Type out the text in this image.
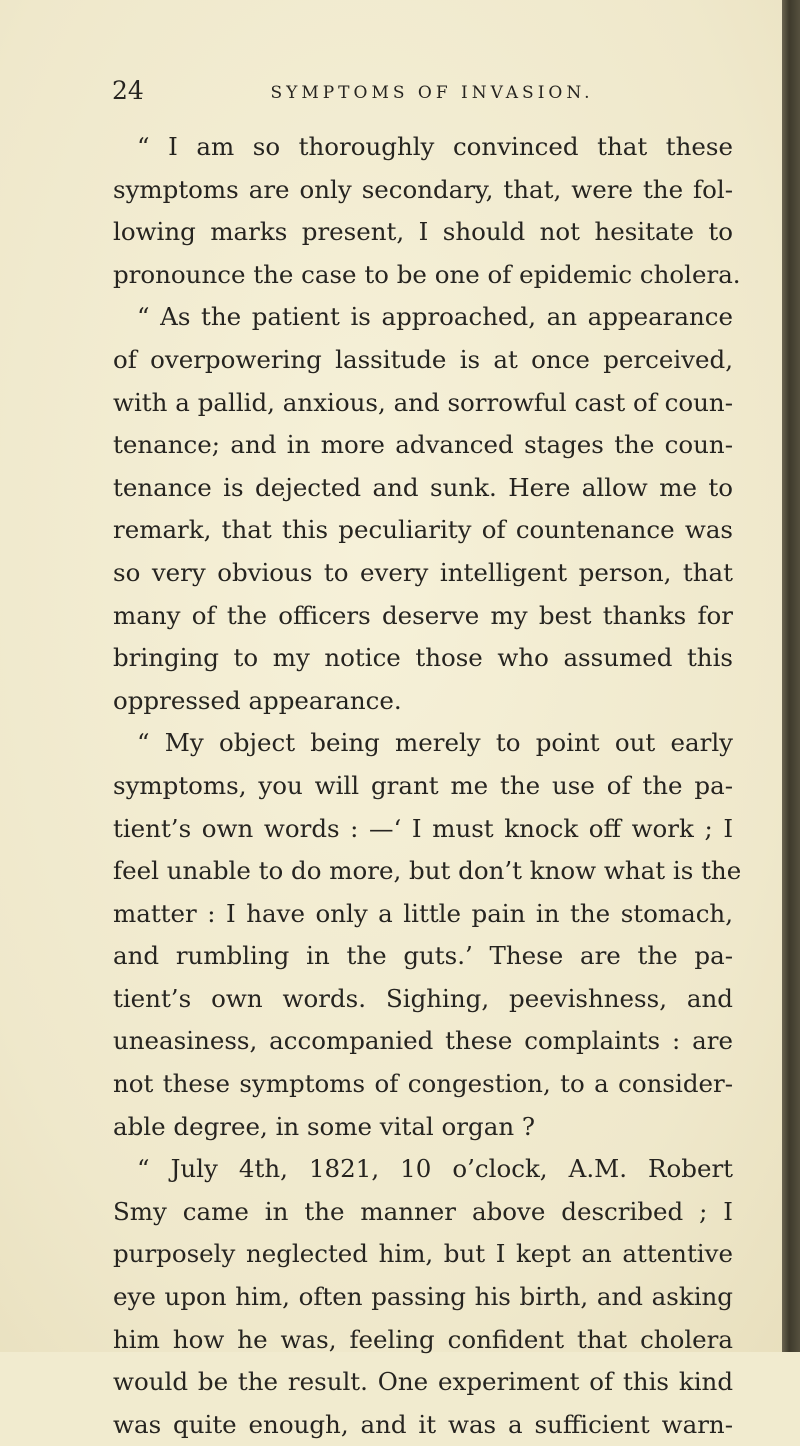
24	SYMPTOMS OF INVASION.
“ I am so thoroughly convinced that these
symptoms are only secondary, that, were the fol-
lowing marks present, I should not hesitate to
pronounce the case to be one of epidemic cholera.
“ As the patient is approached, an appearance
of overpowering lassitude is at once perceived,
with a pallid, anxious, and sorrowful cast of coun-
tenance; and in more advanced stages the coun-
tenance is dejected and sunk. Here allow me to
remark, that this peculiarity of countenance was
so very obvious to every intelligent person, that
many of the officers deserve my best thanks for
bringing to my notice those who assumed this
oppressed appearance.
“ My object being merely to point out early
symptoms, you will grant me the use of the pa-
tient’s own words : —‘ I must knock off work ; I
feel unable to do more, but don’t know what is the
matter : I have only a little pain in the stomach,
and rumbling in the guts.’ These are the pa-
tient’s own words. Sighing, peevishness, and
uneasiness, accompanied these complaints : are
not these symptoms of congestion, to a consider-
able degree, in some vital organ ?
“ July 4th, 1821, 10 o’clock, A.M. Robert
Smy came in the manner above described ; I
purposely neglected him, but I kept an attentive
eye upon him, often passing his birth, and asking
him how he was, feeling confident that cholera
would be the result. One experiment of this kind
was quite enough, and it was a sufficient warn-
